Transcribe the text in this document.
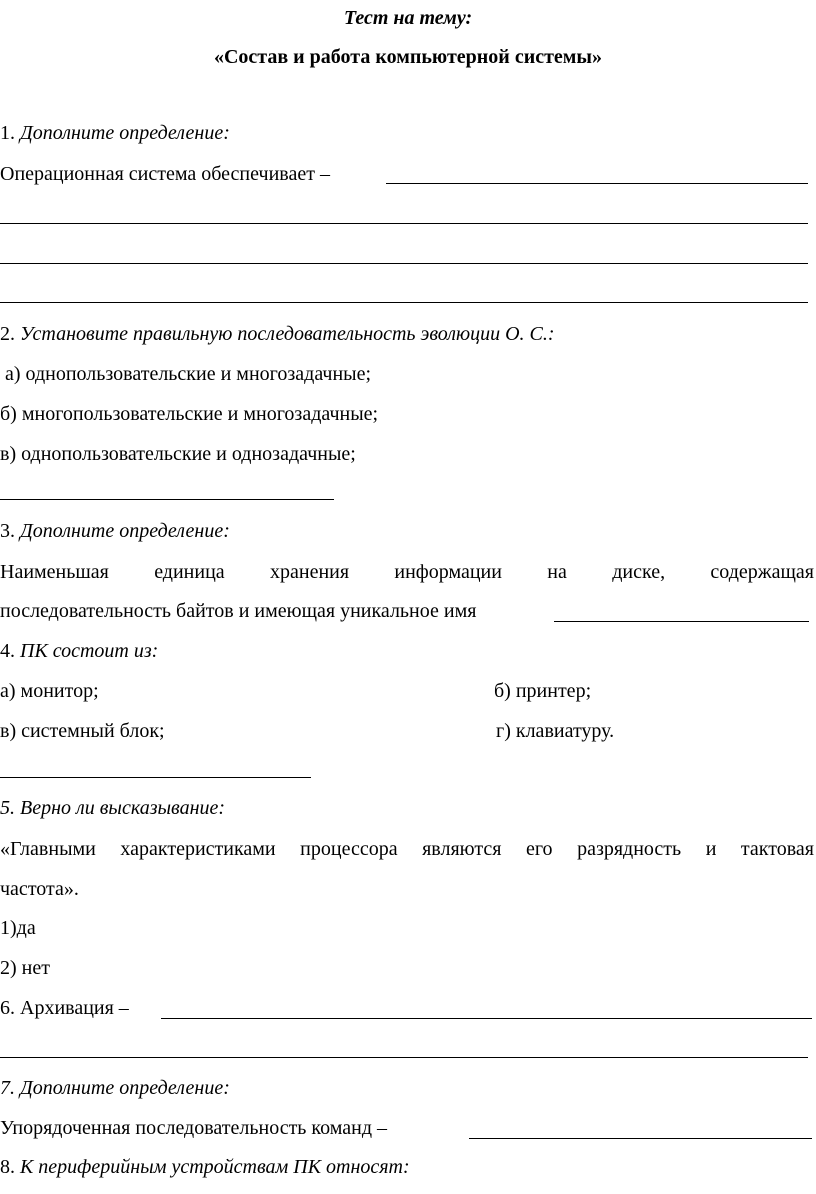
Тест на тему:
«Состав и работа компьютерной системы»
1. Дополните определение:
Операционная система обеспечивает –
2. Установите правильную последовательность эволюции О. С.:
а) однопользовательские и многозадачные;
б) многопользовательские и многозадачные;
в) однопользовательские и однозадачные;
3. Дополните определение:
Наименьшая единица хранения информации на диске, содержащая
последовательность байтов и имеющая уникальное имя
4. ПК состоит из:
а) монитор;	б) принтер;
в) системный блок;	г) клавиатуру.
5. Верно ли высказывание:
«Главными характеристиками процессора являются его разрядность и тактовая
частота».
1)да
2) нет
6. Архивация –
7. Дополните определение:
Упорядоченная последовательность команд –
8. К периферийным устройствам ПК относят:
